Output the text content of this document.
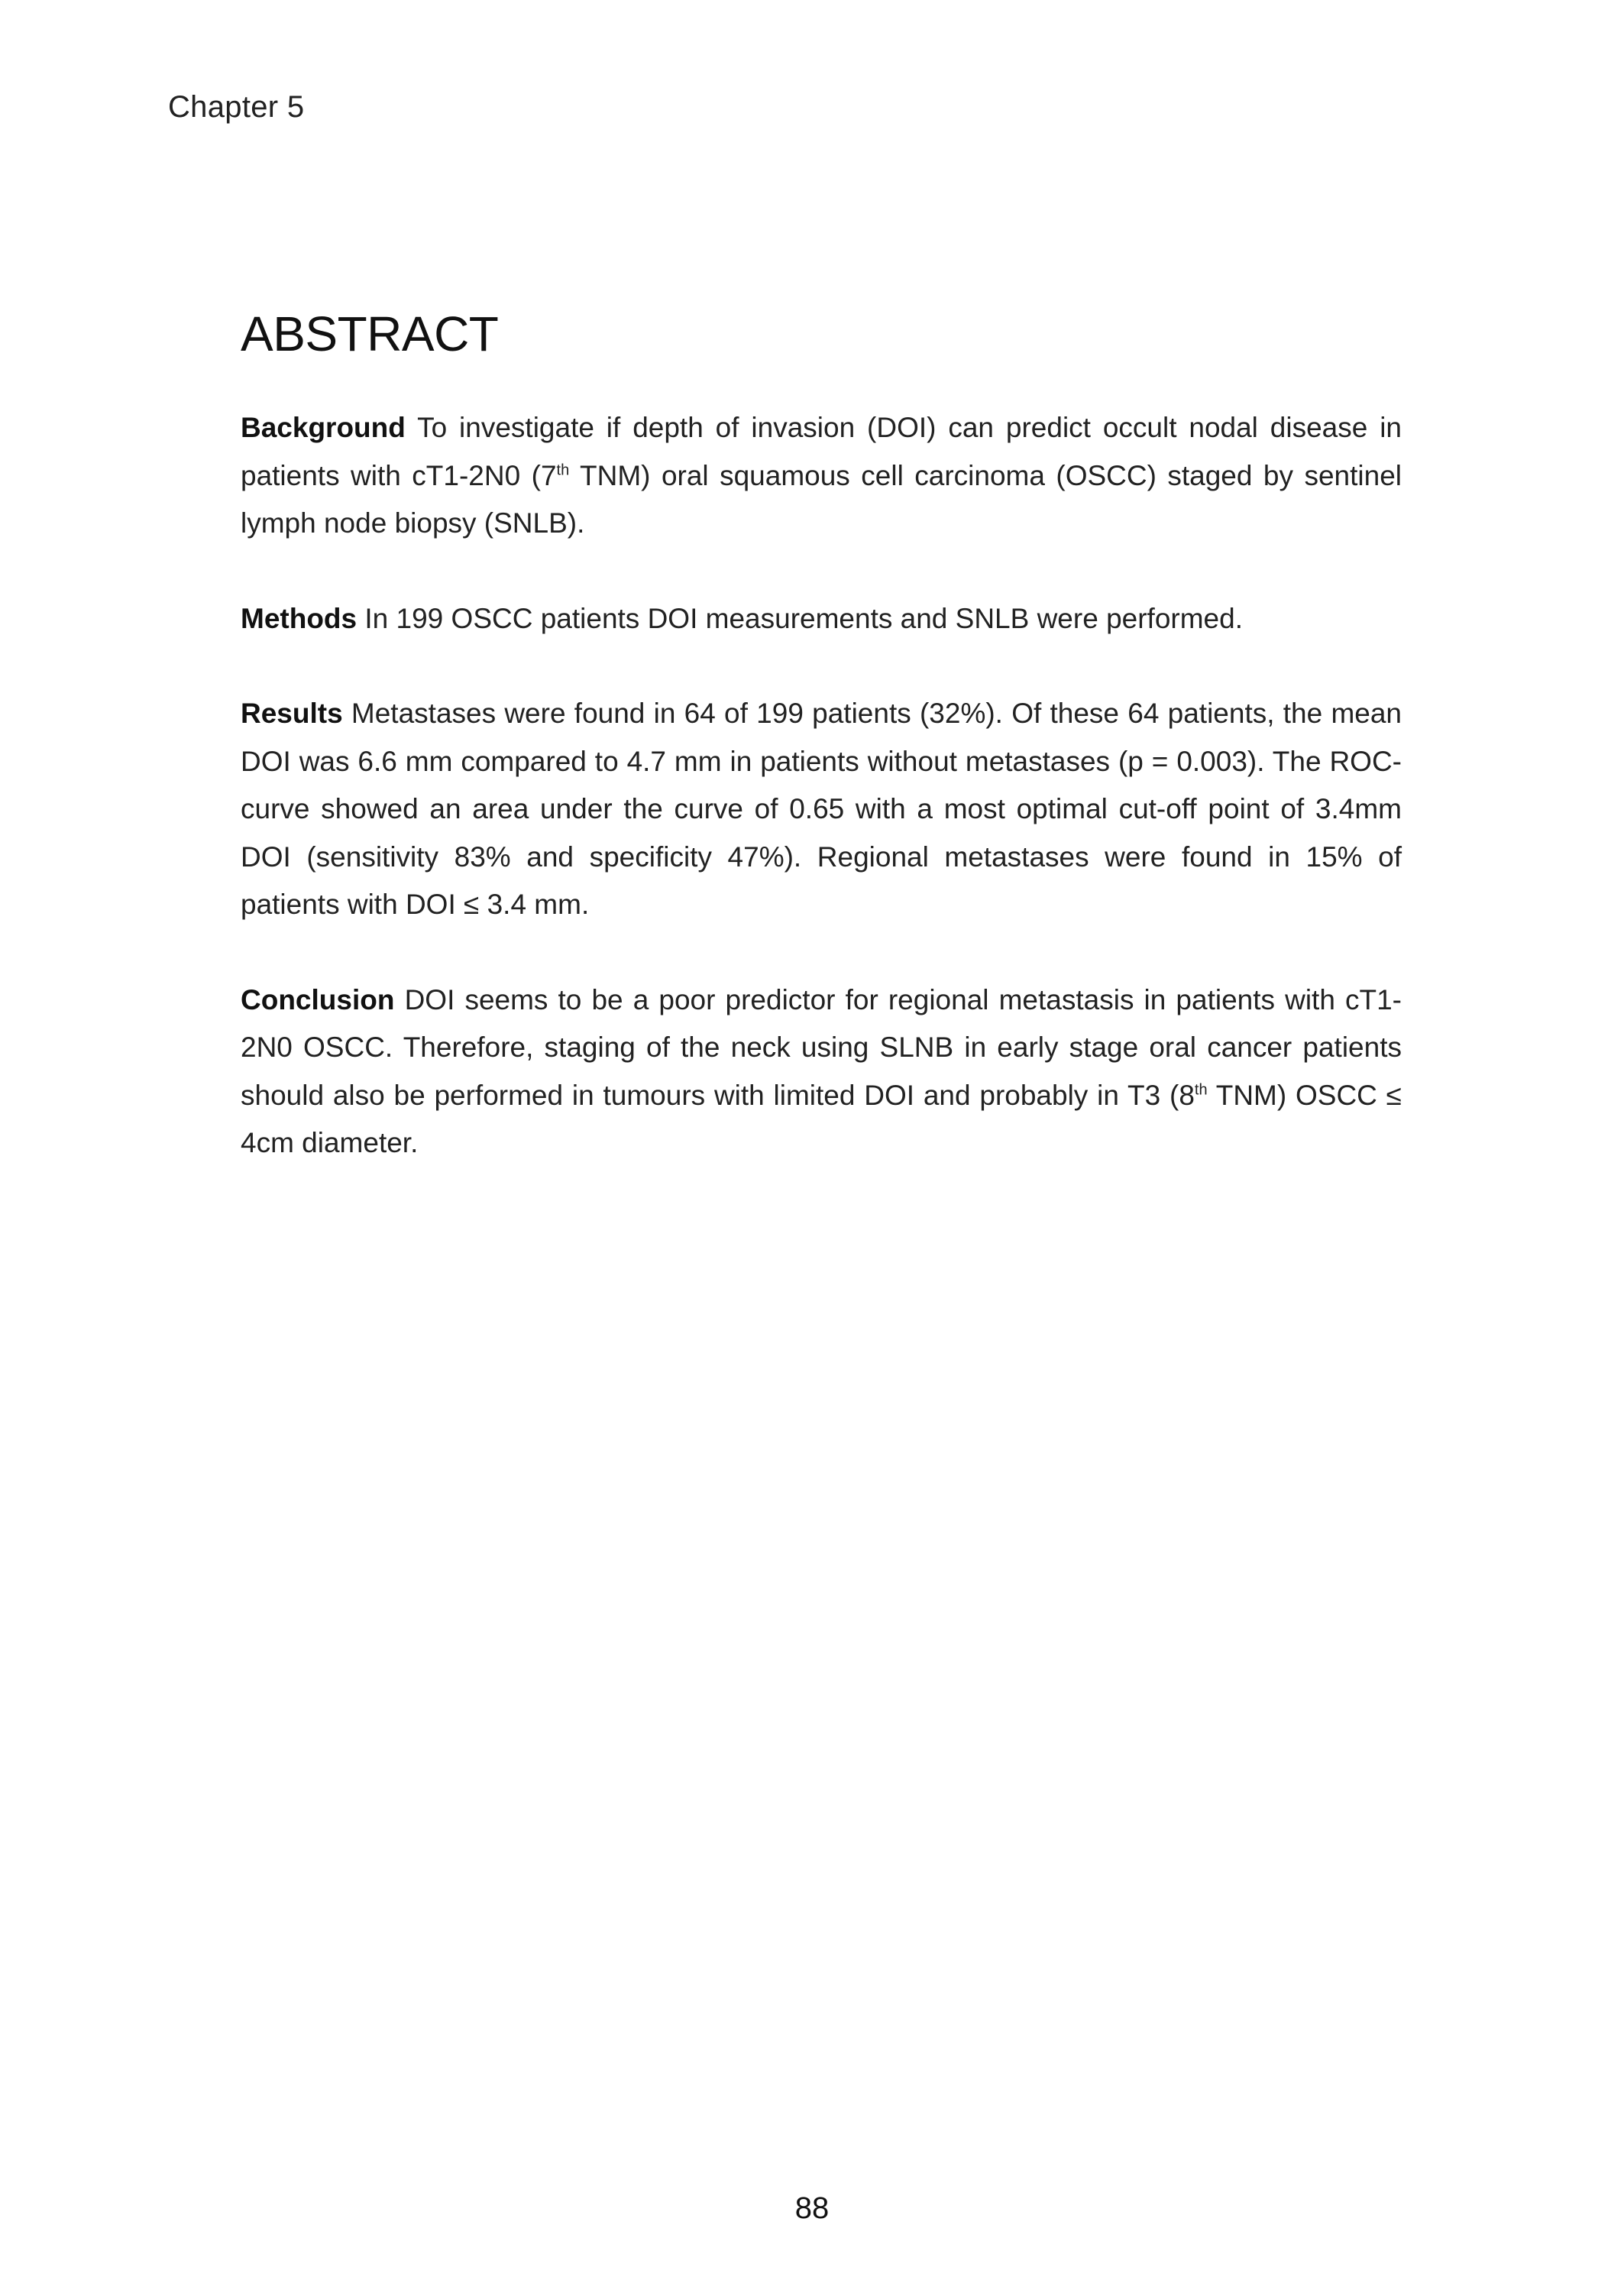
Chapter 5
ABSTRACT

Background To investigate if depth of invasion (DOI) can predict occult nodal disease in patients with cT1-2N0 (7th TNM) oral squamous cell carcinoma (OSCC) staged by sentinel lymph node biopsy (SNLB).

Methods In 199 OSCC patients DOI measurements and SNLB were performed.

Results Metastases were found in 64 of 199 patients (32%). Of these 64 patients, the mean DOI was 6.6 mm compared to 4.7 mm in patients without metastases (p = 0.003). The ROC-curve showed an area under the curve of 0.65 with a most optimal cut-off point of 3.4mm DOI (sensitivity 83% and specificity 47%). Regional metastases were found in 15% of patients with DOI ≤ 3.4 mm.

Conclusion DOI seems to be a poor predictor for regional metastasis in patients with cT1-2N0 OSCC. Therefore, staging of the neck using SLNB in early stage oral cancer patients should also be performed in tumours with limited DOI and probably in T3 (8th TNM) OSCC ≤ 4cm diameter.

88
